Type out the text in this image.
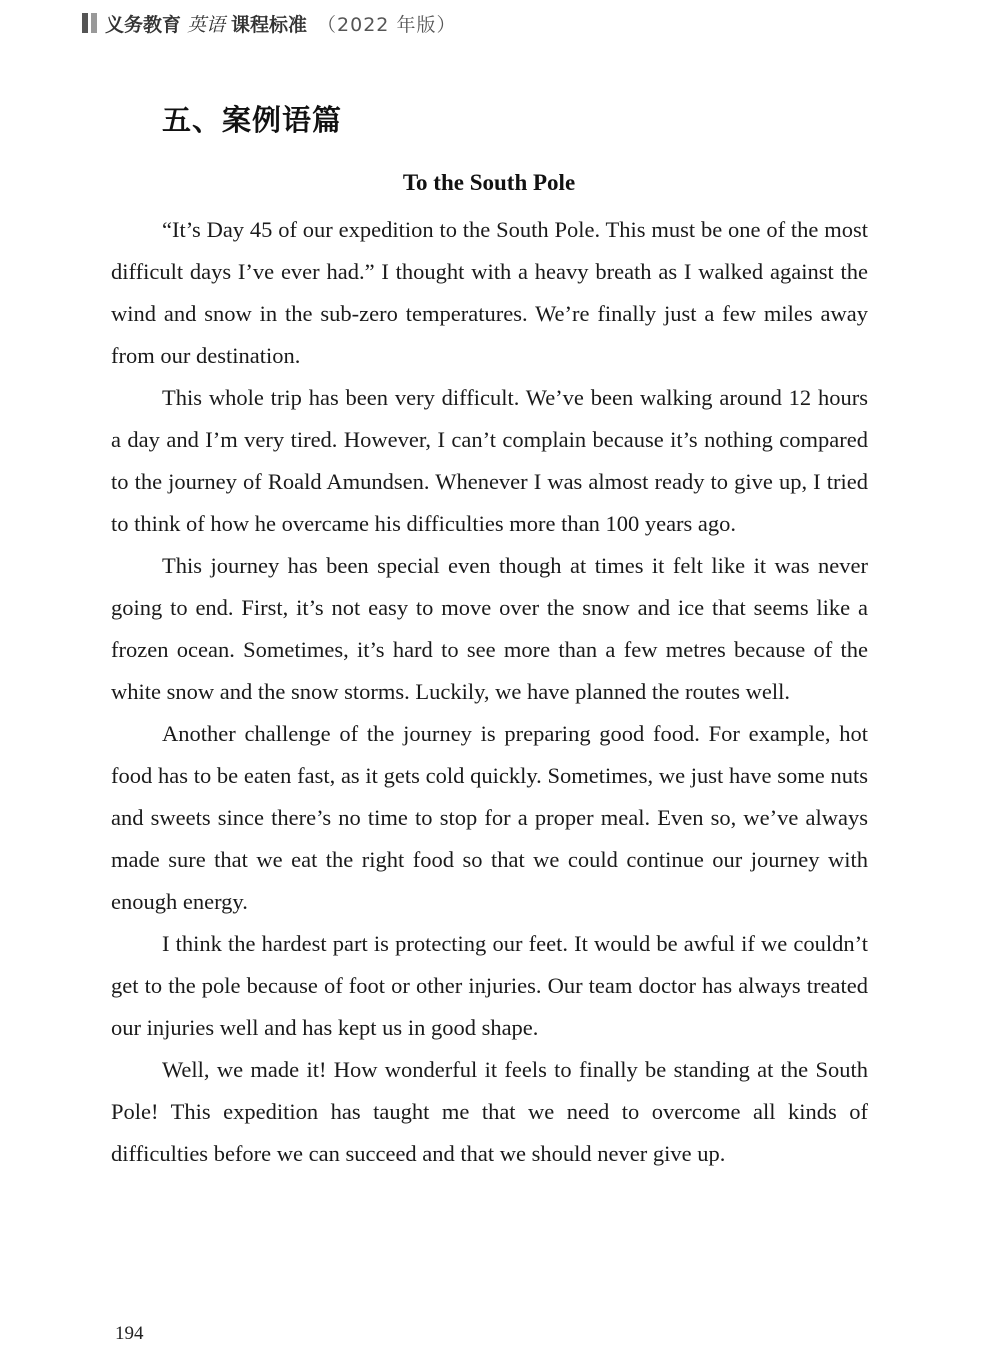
义务教育 英语 课程标准 （2022 年版）
五、案例语篇
To the South Pole

“It’s Day 45 of our expedition to the South Pole. This must be one of the most difficult days I’ve ever had.” I thought with a heavy breath as I walked against the wind and snow in the sub-zero temperatures. We’re finally just a few miles away from our destination.

This whole trip has been very difficult. We’ve been walking around 12 hours a day and I’m very tired. However, I can’t complain because it’s nothing compared to the journey of Roald Amundsen. Whenever I was almost ready to give up, I tried to think of how he overcame his difficulties more than 100 years ago.

This journey has been special even though at times it felt like it was never going to end. First, it’s not easy to move over the snow and ice that seems like a frozen ocean. Sometimes, it’s hard to see more than a few metres because of the white snow and the snow storms. Luckily, we have planned the routes well.

Another challenge of the journey is preparing good food. For example, hot food has to be eaten fast, as it gets cold quickly. Sometimes, we just have some nuts and sweets since there’s no time to stop for a proper meal. Even so, we’ve always made sure that we eat the right food so that we could continue our journey with enough energy.

I think the hardest part is protecting our feet. It would be awful if we couldn’t get to the pole because of foot or other injuries. Our team doctor has always treated our injuries well and has kept us in good shape.

Well, we made it! How wonderful it feels to finally be standing at the South Pole! This expedition has taught me that we need to overcome all kinds of difficulties before we can succeed and that we should never give up.

194
